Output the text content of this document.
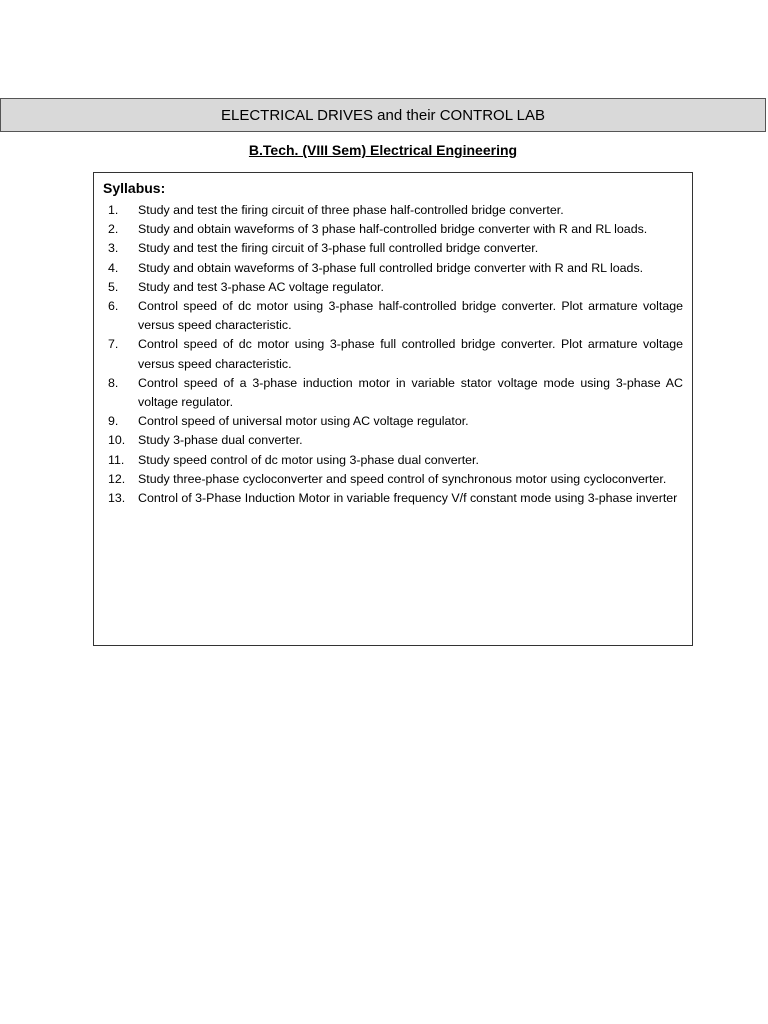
ELECTRICAL DRIVES and their CONTROL LAB
B.Tech. (VIII Sem) Electrical Engineering
Syllabus:
1.	Study and test the firing circuit of three phase half-controlled bridge converter.
2.	Study and obtain waveforms of 3 phase half-controlled bridge converter with R and RL loads.
3.	Study and test the firing circuit of 3-phase full controlled bridge converter.
4.	Study and obtain waveforms of 3-phase full controlled bridge converter with R and RL loads.
5.	Study and test 3-phase AC voltage regulator.
6.	Control speed of dc motor using 3-phase half-controlled bridge converter. Plot armature voltage versus speed characteristic.
7.	Control speed of dc motor using 3-phase full controlled bridge converter. Plot armature voltage versus speed characteristic.
8.	Control speed of a 3-phase induction motor in variable stator voltage mode using 3-phase AC voltage regulator.
9.	Control speed of universal motor using AC voltage regulator.
10.	Study 3-phase dual converter.
11.	Study speed control of dc motor using 3-phase dual converter.
12.	Study three-phase cycloconverter and speed control of synchronous motor using cycloconverter.
13.	Control of 3-Phase Induction Motor in variable frequency V/f constant mode using 3-phase inverter
